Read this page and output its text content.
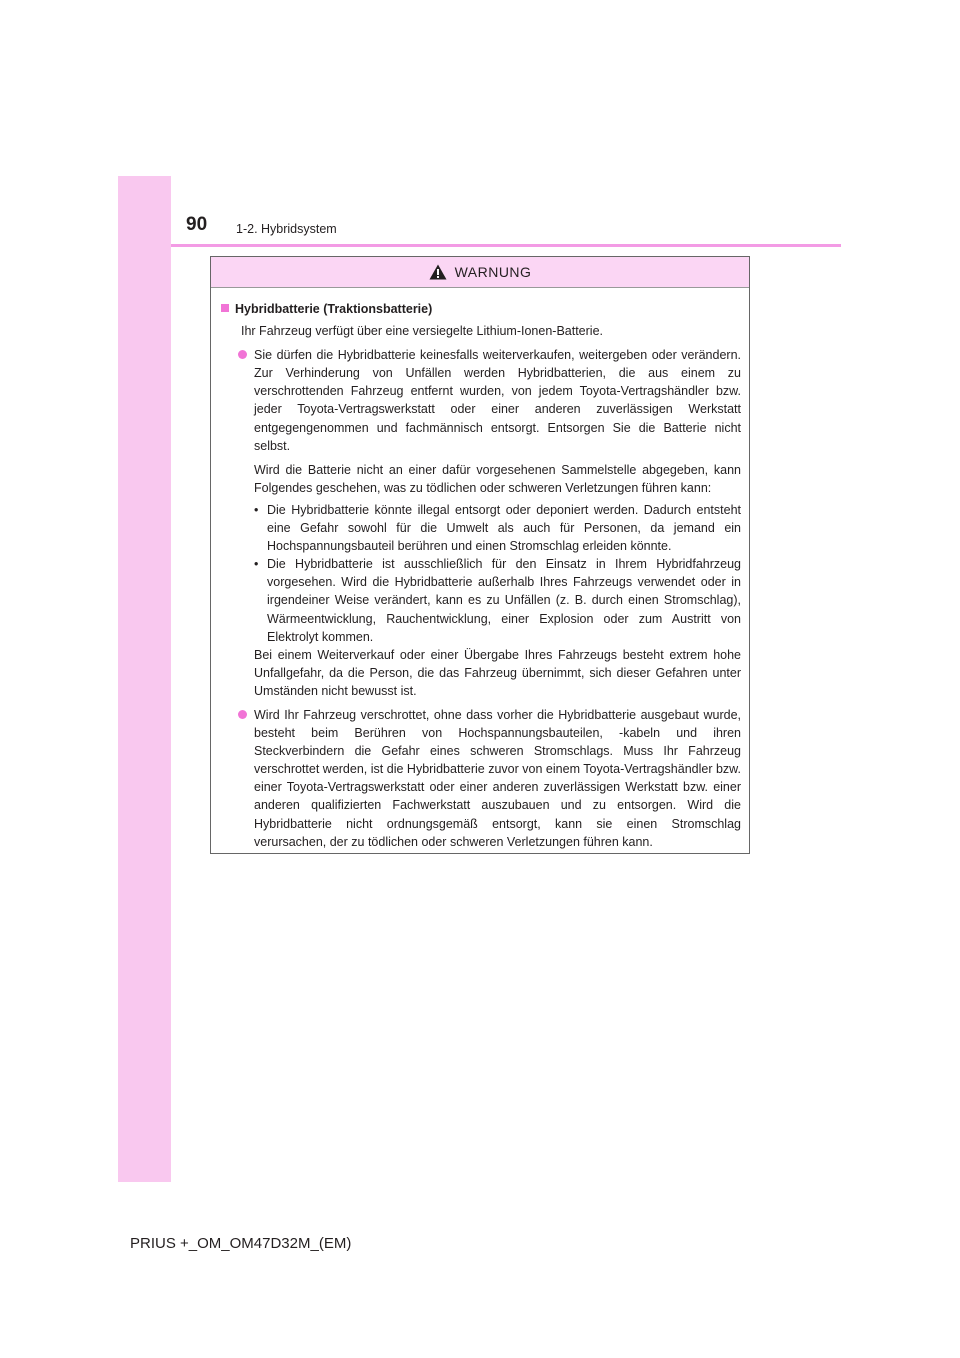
90 1-2. Hybridsystem
WARNUNG
Hybridbatterie (Traktionsbatterie)
Ihr Fahrzeug verfügt über eine versiegelte Lithium-Ionen-Batterie.
Sie dürfen die Hybridbatterie keinesfalls weiterverkaufen, weitergeben oder verändern. Zur Verhinderung von Unfällen werden Hybridbatterien, die aus einem zu verschrottenden Fahrzeug entfernt wurden, von jedem Toyota-Vertragshändler bzw. jeder Toyota-Vertragswerkstatt oder einer anderen zuverlässigen Werkstatt entgegengenommen und fachmännisch entsorgt. Entsorgen Sie die Batterie nicht selbst.
Wird die Batterie nicht an einer dafür vorgesehenen Sammelstelle abgegeben, kann Folgendes geschehen, was zu tödlichen oder schweren Verletzungen führen kann:
• Die Hybridbatterie könnte illegal entsorgt oder deponiert werden. Dadurch entsteht eine Gefahr sowohl für die Umwelt als auch für Personen, da jemand ein Hochspannungsbauteil berühren und einen Stromschlag erleiden könnte.
• Die Hybridbatterie ist ausschließlich für den Einsatz in Ihrem Hybridfahrzeug vorgesehen. Wird die Hybridbatterie außerhalb Ihres Fahrzeugs verwendet oder in irgendeiner Weise verändert, kann es zu Unfällen (z. B. durch einen Stromschlag), Wärmeentwicklung, Rauchentwicklung, einer Explosion oder zum Austritt von Elektrolyt kommen.
Bei einem Weiterverkauf oder einer Übergabe Ihres Fahrzeugs besteht extrem hohe Unfallgefahr, da die Person, die das Fahrzeug übernimmt, sich dieser Gefahren unter Umständen nicht bewusst ist.
Wird Ihr Fahrzeug verschrottet, ohne dass vorher die Hybridbatterie ausgebaut wurde, besteht beim Berühren von Hochspannungsbauteilen, -kabeln und ihren Steckverbindern die Gefahr eines schweren Stromschlags. Muss Ihr Fahrzeug verschrottet werden, ist die Hybridbatterie zuvor von einem Toyota-Vertragshändler bzw. einer Toyota-Vertragswerkstatt oder einer anderen zuverlässigen Werkstatt bzw. einer anderen qualifizierten Fachwerkstatt auszubauen und zu entsorgen. Wird die Hybridbatterie nicht ordnungsgemäß entsorgt, kann sie einen Stromschlag verursachen, der zu tödlichen oder schweren Verletzungen führen kann.
PRIUS +_OM_OM47D32M_(EM)
